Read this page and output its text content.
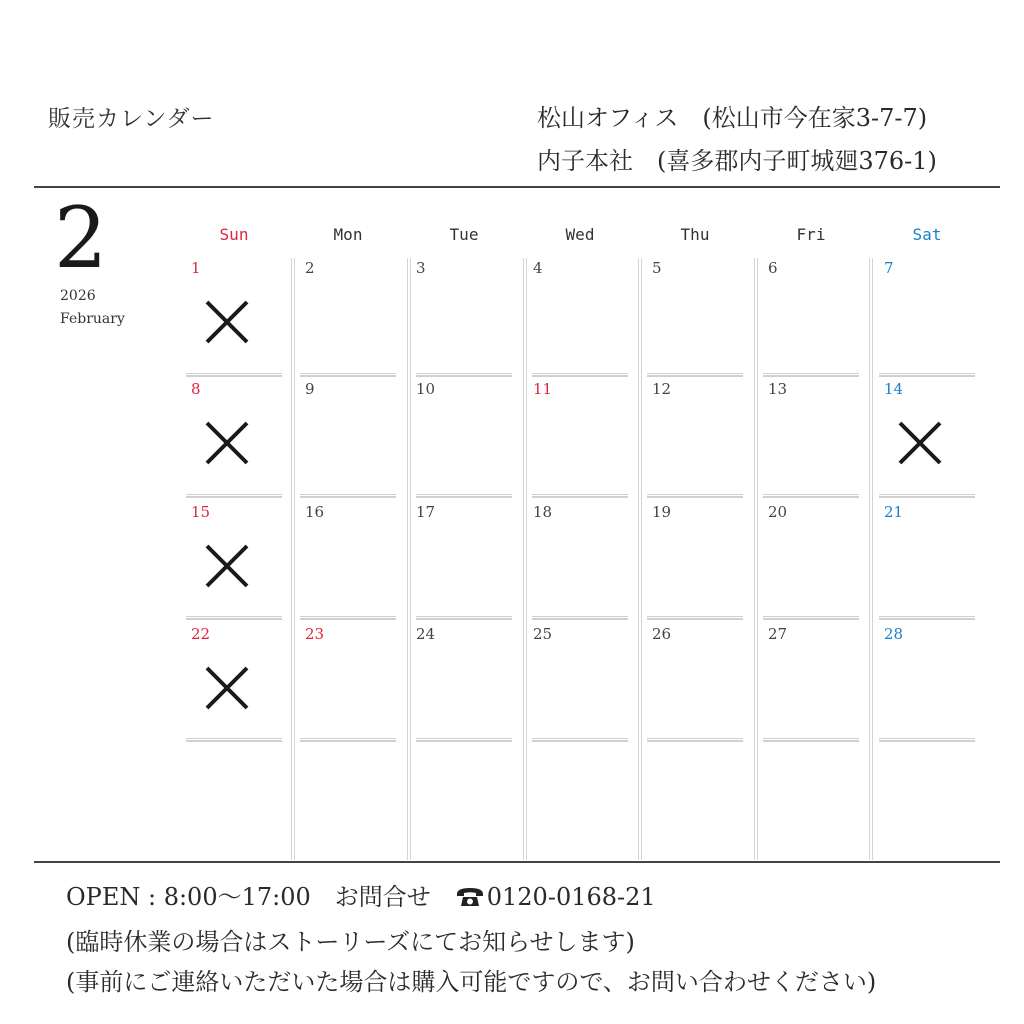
販売カレンダー	松山オフィス　(松山市今在家3-7-7)
内子本社　(喜多郡内子町城廻376-1)
2
2026
February
Sun	Mon	Tue	Wed	Thu	Fri	Sat
1	2	3	4	5	6	7
8	9	10	11	12	13	14
15	16	17	18	19	20	21
22	23	24	25	26	27	28
OPEN : 8:00～17:00　お問合せ　0120-0168-21
(臨時休業の場合はストーリーズにてお知らせします)
(事前にご連絡いただいた場合は購入可能ですので、お問い合わせください)
